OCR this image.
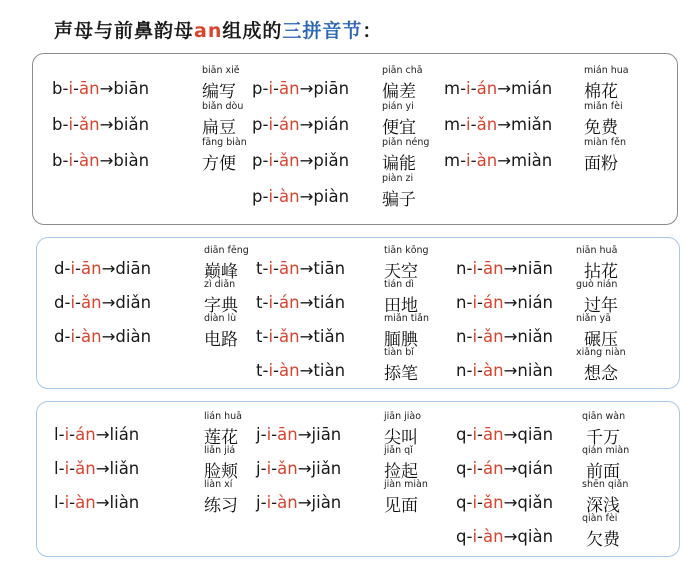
声母与前鼻韵母an组成的三拼音节：
b-i-ān→biān
biān xiě
编写
b-i-ǎn→biǎn
biǎn dòu
扁豆
b-i-àn→biàn
fāng biàn
方便
p-i-ān→piān
piān chā
偏差
p-i-án→pián
pián yi
便宜
p-i-ǎn→piǎn
piǎn néng
谝能
p-i-àn→piàn
piàn zi
骗子
m-i-án→mián
mián hua
棉花
m-i-ǎn→miǎn
miǎn fèi
免费
m-i-àn→miàn
miàn fěn
面粉
d-i-ān→diān
diān fēng
巅峰
d-i-ǎn→diǎn
zì diǎn
字典
d-i-àn→diàn
diàn lù
电路
t-i-ān→tiān
tiān kōng
天空
t-i-án→tián
tián dì
田地
t-i-ǎn→tiǎn
miǎn tiǎn
腼腆
t-i-àn→tiàn
tiàn bǐ
掭笔
n-i-ān→niān
niān huā
拈花
n-i-án→nián
guò nián
过年
n-i-ǎn→niǎn
niǎn yā
碾压
n-i-àn→niàn
xiǎng niàn
想念
l-i-án→lián
lián huā
莲花
l-i-ǎn→liǎn
liǎn jiá
脸颊
l-i-àn→liàn
liàn xí
练习
j-i-ān→jiān
jiān jiào
尖叫
j-i-ǎn→jiǎn
jiǎn qǐ
捡起
j-i-àn→jiàn
jiàn miàn
见面
q-i-ān→qiān
qiān wàn
千万
q-i-án→qián
qián miàn
前面
q-i-ǎn→qiǎn
shēn qiǎn
深浅
q-i-àn→qiàn
qiàn fèi
欠费
